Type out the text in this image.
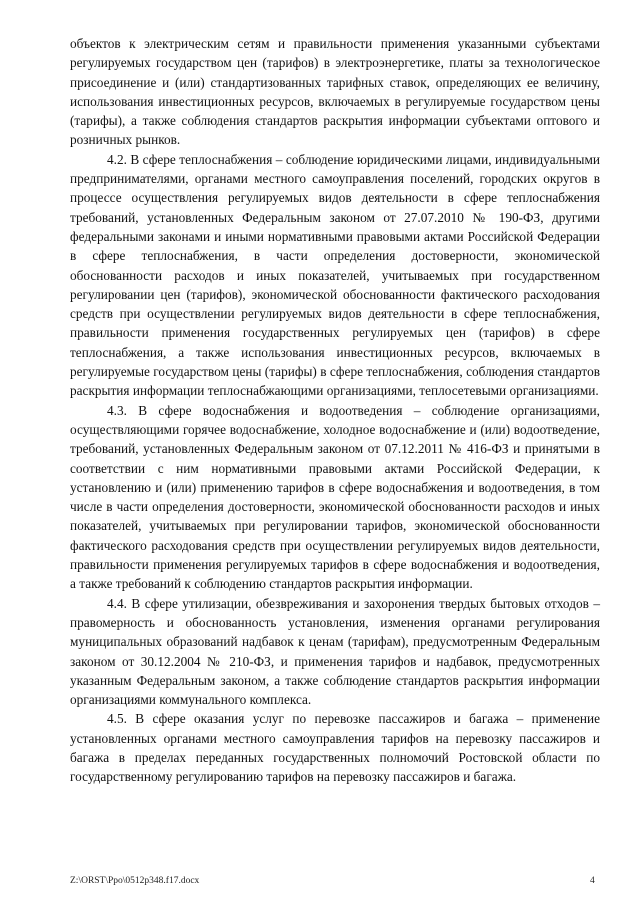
объектов к электрическим сетям и правильности применения указанными субъектами регулируемых государством цен (тарифов) в электроэнергетике, платы за технологическое присоединение и (или) стандартизованных тарифных ставок, определяющих ее величину, использования инвестиционных ресурсов, включаемых в регулируемые государством цены (тарифы), а также соблюдения стандартов раскрытия информации субъектами оптового и розничных рынков.

4.2. В сфере теплоснабжения – соблюдение юридическими лицами, индивидуальными предпринимателями, органами местного самоуправления поселений, городских округов в процессе осуществления регулируемых видов деятельности в сфере теплоснабжения требований, установленных Федеральным законом от 27.07.2010 № 190-ФЗ, другими федеральными законами и иными нормативными правовыми актами Российской Федерации в сфере теплоснабжения, в части определения достоверности, экономической обоснованности расходов и иных показателей, учитываемых при государственном регулировании цен (тарифов), экономической обоснованности фактического расходования средств при осуществлении регулируемых видов деятельности в сфере теплоснабжения, правильности применения государственных регулируемых цен (тарифов) в сфере теплоснабжения, а также использования инвестиционных ресурсов, включаемых в регулируемые государством цены (тарифы) в сфере теплоснабжения, соблюдения стандартов раскрытия информации теплоснабжающими организациями, теплосетевыми организациями.

4.3. В сфере водоснабжения и водоотведения – соблюдение организациями, осуществляющими горячее водоснабжение, холодное водоснабжение и (или) водоотведение, требований, установленных Федеральным законом от 07.12.2011 № 416-ФЗ и принятыми в соответствии с ним нормативными правовыми актами Российской Федерации, к установлению и (или) применению тарифов в сфере водоснабжения и водоотведения, в том числе в части определения достоверности, экономической обоснованности расходов и иных показателей, учитываемых при регулировании тарифов, экономической обоснованности фактического расходования средств при осуществлении регулируемых видов деятельности, правильности применения регулируемых тарифов в сфере водоснабжения и водоотведения, а также требований к соблюдению стандартов раскрытия информации.

4.4. В сфере утилизации, обезвреживания и захоронения твердых бытовых отходов – правомерность и обоснованность установления, изменения органами регулирования муниципальных образований надбавок к ценам (тарифам), предусмотренным Федеральным законом от 30.12.2004 № 210-ФЗ, и применения тарифов и надбавок, предусмотренных указанным Федеральным законом, а также соблюдение стандартов раскрытия информации организациями коммунального комплекса.

4.5. В сфере оказания услуг по перевозке пассажиров и багажа – применение установленных органами местного самоуправления тарифов на перевозку пассажиров и багажа в пределах переданных государственных полномочий Ростовской области по государственному регулированию тарифов на перевозку пассажиров и багажа.

Z:\ORST\Ppo\0512p348.f17.docx	4
